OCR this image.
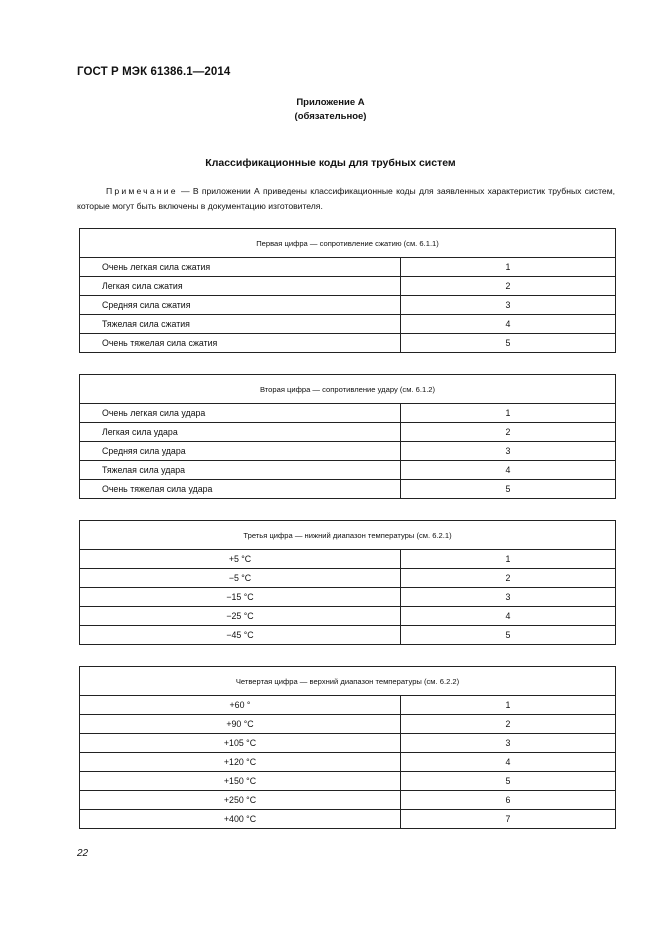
ГОСТ Р МЭК 61386.1—2014
Приложение А
(обязательное)
Классификационные коды для трубных систем
Примечание — В приложении А приведены классификационные коды для заявленных характеристик трубных систем, которые могут быть включены в документацию изготовителя.
Первая цифра — сопротивление сжатию (см. 6.1.1)	
Очень легкая сила сжатия	1
Легкая сила сжатия	2
Средняя сила сжатия	3
Тяжелая сила сжатия	4
Очень тяжелая сила сжатия	5
Вторая цифра — сопротивление удару (см. 6.1.2)	
Очень легкая сила удара	1
Легкая сила удара	2
Средняя сила удара	3
Тяжелая сила удара	4
Очень тяжелая сила удара	5
Третья цифра — нижний диапазон температуры (см. 6.2.1)	
+5 °C	1
−5 °C	2
−15 °C	3
−25 °C	4
−45 °C	5
Четвертая цифра — верхний диапазон температуры (см. 6.2.2)	
+60 °	1
+90 °C	2
+105 °C	3
+120 °C	4
+150 °C	5
+250 °C	6
+400 °C	7
22
